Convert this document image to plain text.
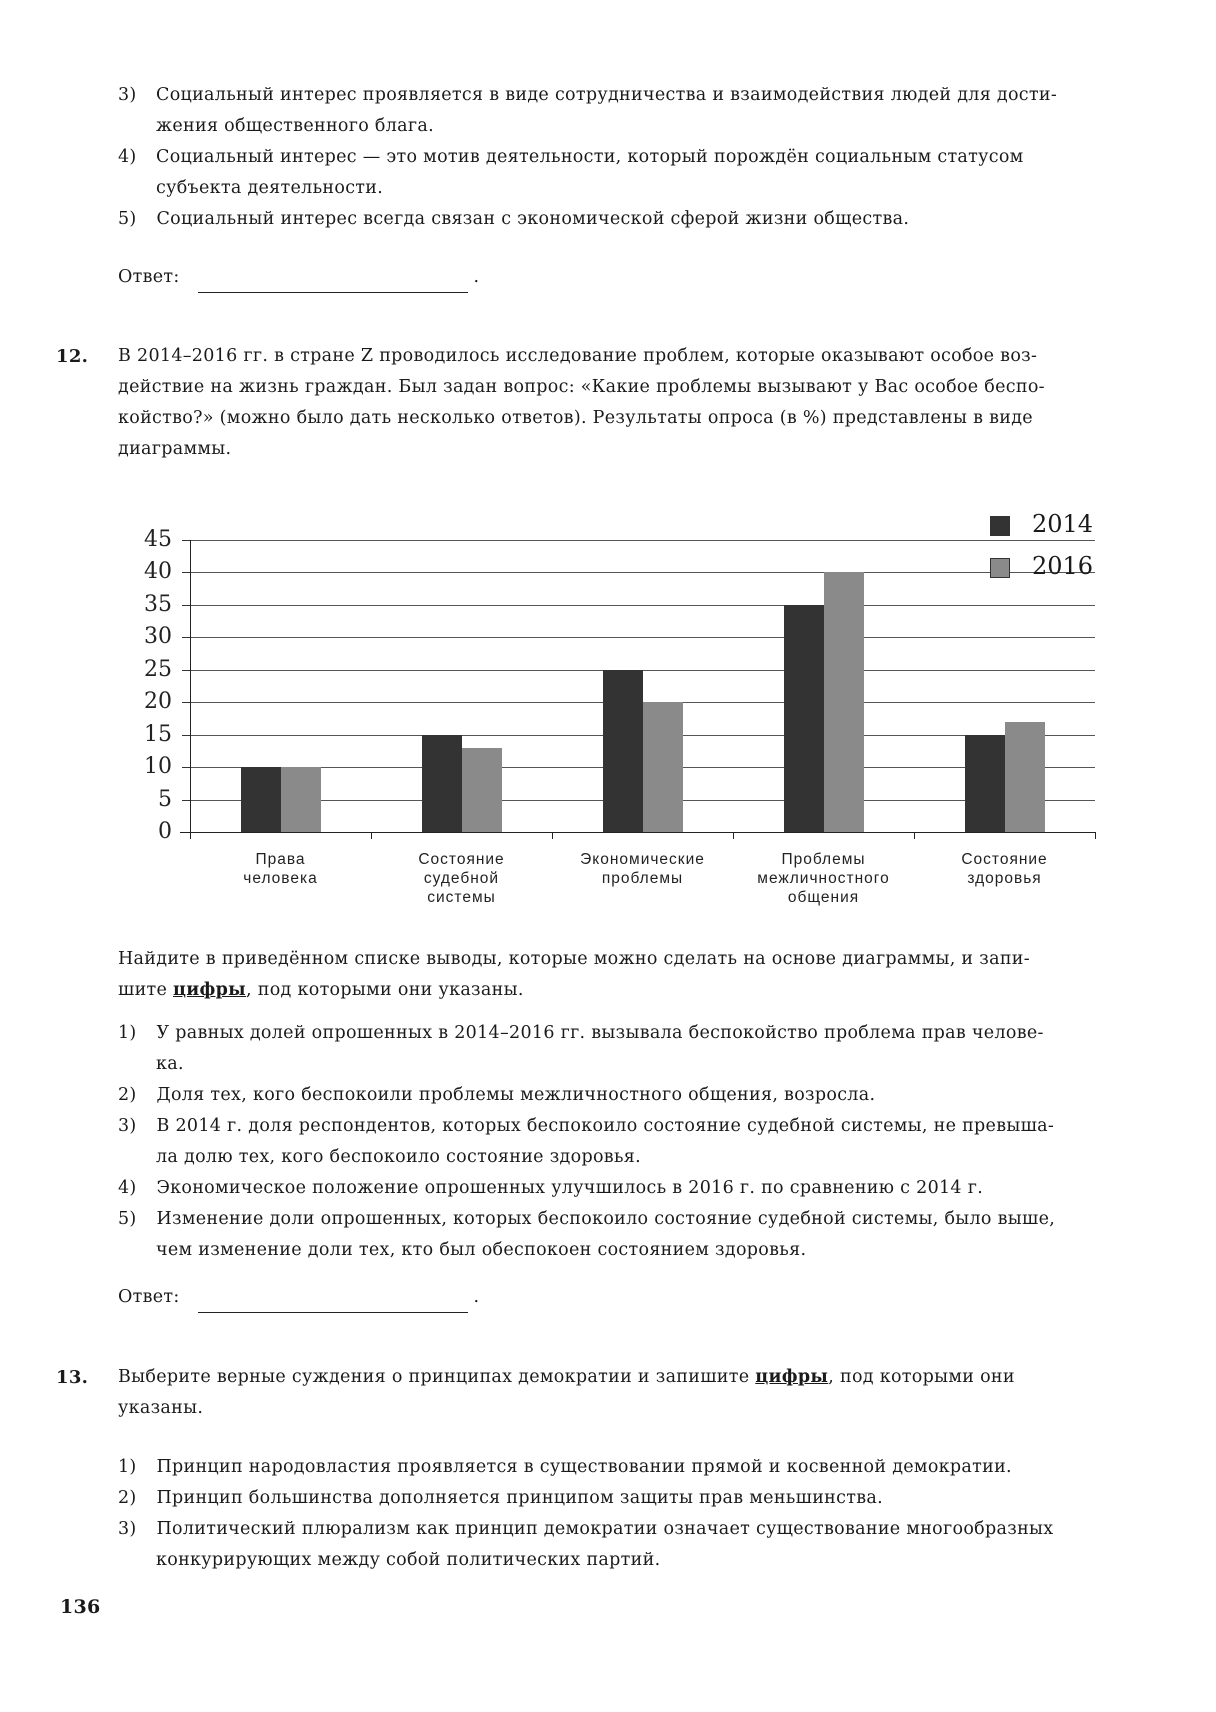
3) Социальный интерес проявляется в виде сотрудничества и взаимодействия людей для дости-
жения общественного блага.
4) Социальный интерес — это мотив деятельности, который порождён социальным статусом
субъекта деятельности.
5) Социальный интерес всегда связан с экономической сферой жизни общества.
Ответ:	.
12. В 2014–2016 гг. в стране Z проводилось исследование проблем, которые оказывают особое воз-
действие на жизнь граждан. Был задан вопрос: «Какие проблемы вызывают у Вас особое беспо-
койство?» (можно было дать несколько ответов). Результаты опроса (в %) представлены в виде
диаграммы.
0
5
10
15
20
25
30
35
40
45
Права
человека
Состояние
судебной
системы
Экономические
проблемы
Проблемы
межличностного
общения
Состояние
здоровья
2014
2016
Найдите в приведённом списке выводы, которые можно сделать на основе диаграммы, и запи-
шите цифры, под которыми они указаны.
1) У равных долей опрошенных в 2014–2016 гг. вызывала беспокойство проблема прав челове-
ка.
2) Доля тех, кого беспокоили проблемы межличностного общения, возросла.
3) В 2014 г. доля респондентов, которых беспокоило состояние судебной системы, не превыша-
ла долю тех, кого беспокоило состояние здоровья.
4) Экономическое положение опрошенных улучшилось в 2016 г. по сравнению с 2014 г.
5) Изменение доли опрошенных, которых беспокоило состояние судебной системы, было выше,
чем изменение доли тех, кто был обеспокоен состоянием здоровья.
Ответ:	.
13. Выберите верные суждения о принципах демократии и запишите цифры, под которыми они
указаны.
1) Принцип народовластия проявляется в существовании прямой и косвенной демократии.
2) Принцип большинства дополняется принципом защиты прав меньшинства.
3) Политический плюрализм как принцип демократии означает существование многообразных
конкурирующих между собой политических партий.
136
